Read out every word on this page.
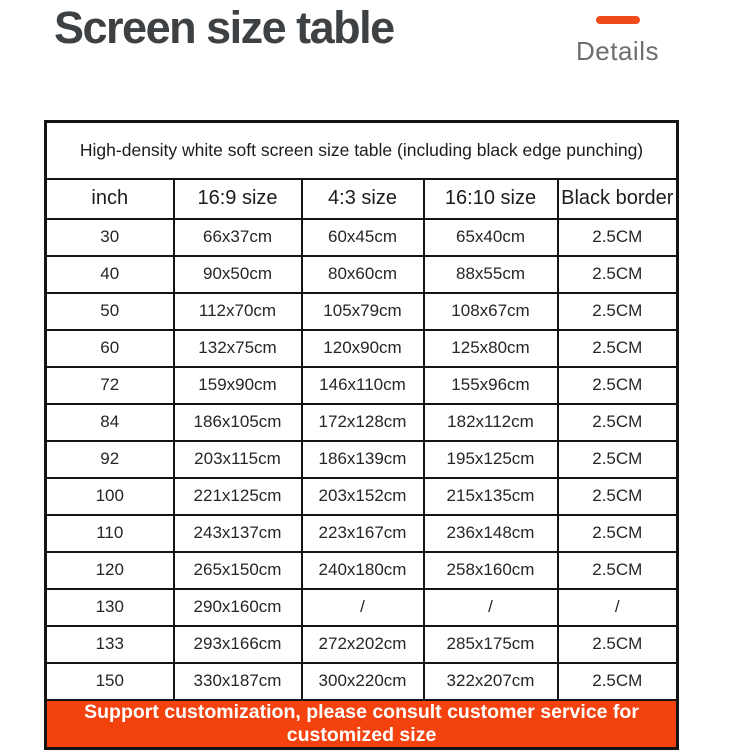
Screen size table	Details
High-density white soft screen size table (including black edge punching)				
inch	16:9 size	4:3 size	16:10 size	Black border
30	66x37cm	60x45cm	65x40cm	2.5CM
40	90x50cm	80x60cm	88x55cm	2.5CM
50	112x70cm	105x79cm	108x67cm	2.5CM
60	132x75cm	120x90cm	125x80cm	2.5CM
72	159x90cm	146x110cm	155x96cm	2.5CM
84	186x105cm	172x128cm	182x112cm	2.5CM
92	203x115cm	186x139cm	195x125cm	2.5CM
100	221x125cm	203x152cm	215x135cm	2.5CM
110	243x137cm	223x167cm	236x148cm	2.5CM
120	265x150cm	240x180cm	258x160cm	2.5CM
130	290x160cm	/	/	/
133	293x166cm	272x202cm	285x175cm	2.5CM
150	330x187cm	300x220cm	322x207cm	2.5CM
Support customization, please consult customer service for customized size				
